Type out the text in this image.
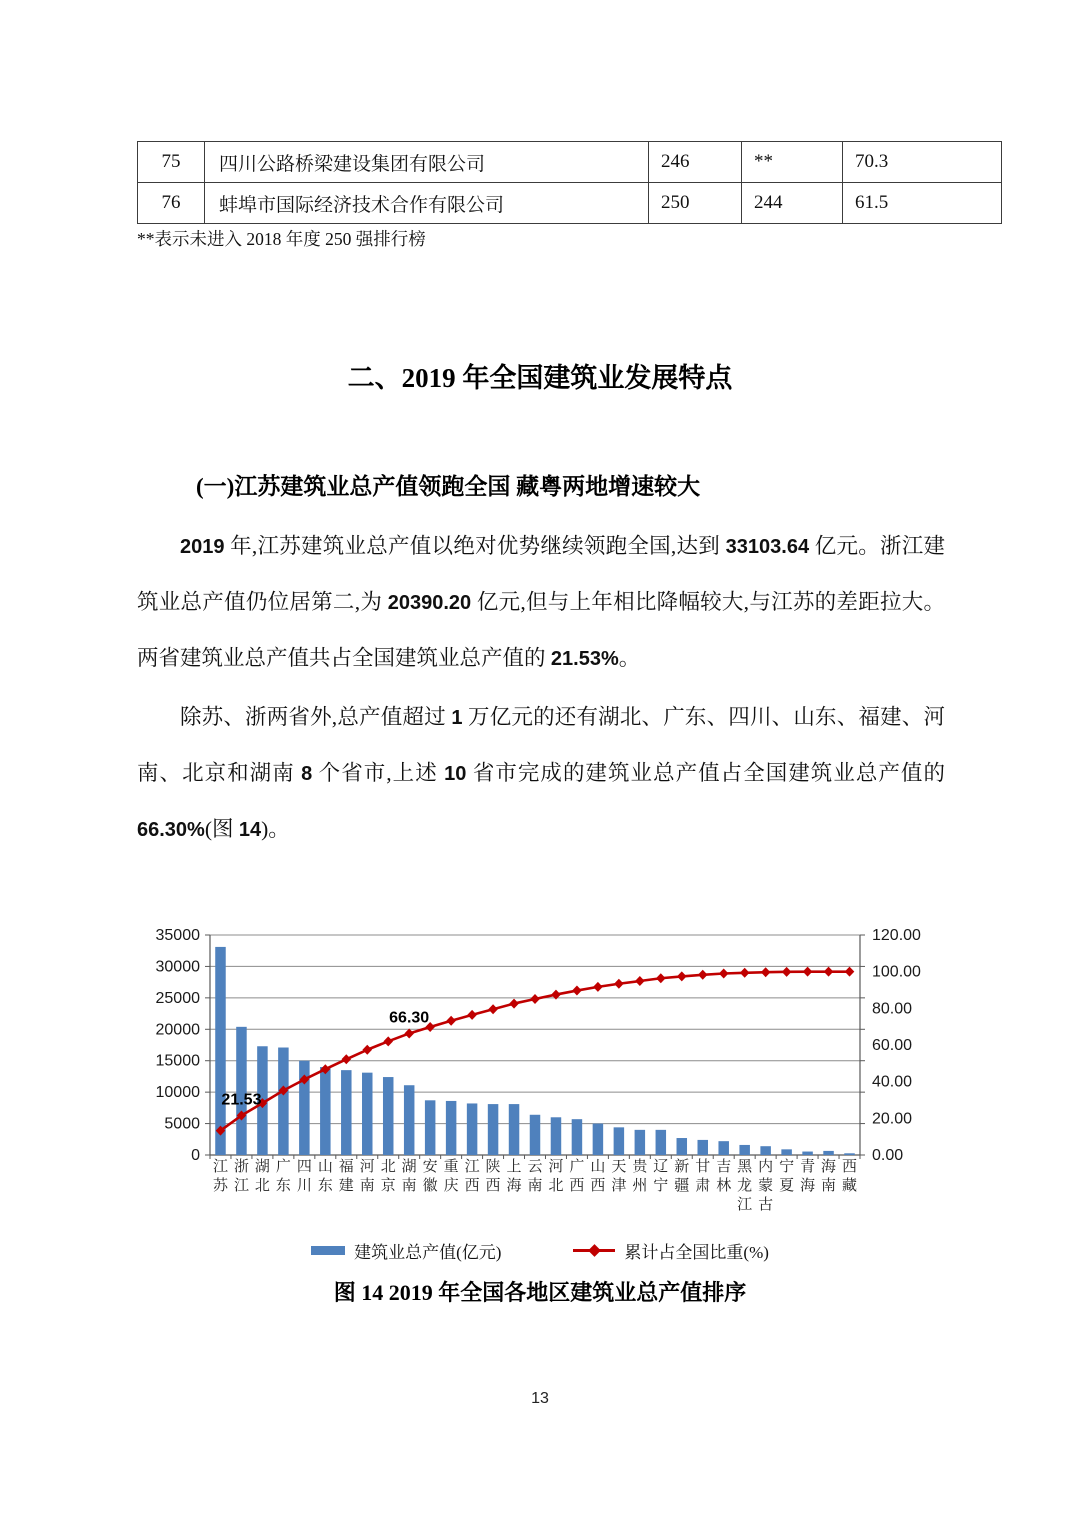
75	四川公路桥梁建设集团有限公司	246	**	70.3
76	蚌埠市国际经济技术合作有限公司	250	244	61.5
**表示未进入 2018 年度 250 强排行榜
二、2019 年全国建筑业发展特点
(一)江苏建筑业总产值领跑全国 藏粤两地增速较大

2019 年,江苏建筑业总产值以绝对优势继续领跑全国,达到 33103.64 亿元。浙江建筑业总产值仍位居第二,为 20390.20 亿元,但与上年相比降幅较大,与江苏的差距拉大。两省建筑业总产值共占全国建筑业总产值的 21.53%。

除苏、浙两省外,总产值超过 1 万亿元的还有湖北、广东、四川、山东、福建、河南、北京和湖南 8 个省市,上述 10 省市完成的建筑业总产值占全国建筑业总产值的 66.30%(图 14)。

0
5000
10000
15000
20000
25000
30000
35000
0.00
20.00
40.00
60.00
80.00
100.00
120.00
21.53
66.30
江苏
浙江
湖北
广东
四川
山东
福建
河南
北京
湖南
安徽
重庆
江西
陕西
上海
云南
河北
广西
山西
天津
贵州
辽宁
新疆
甘肃
吉林
黑龙江
内蒙古
宁夏
青海
海南
西藏
建筑业总产值(亿元)	累计占全国比重(%)
图 14 2019 年全国各地区建筑业总产值排序
13
